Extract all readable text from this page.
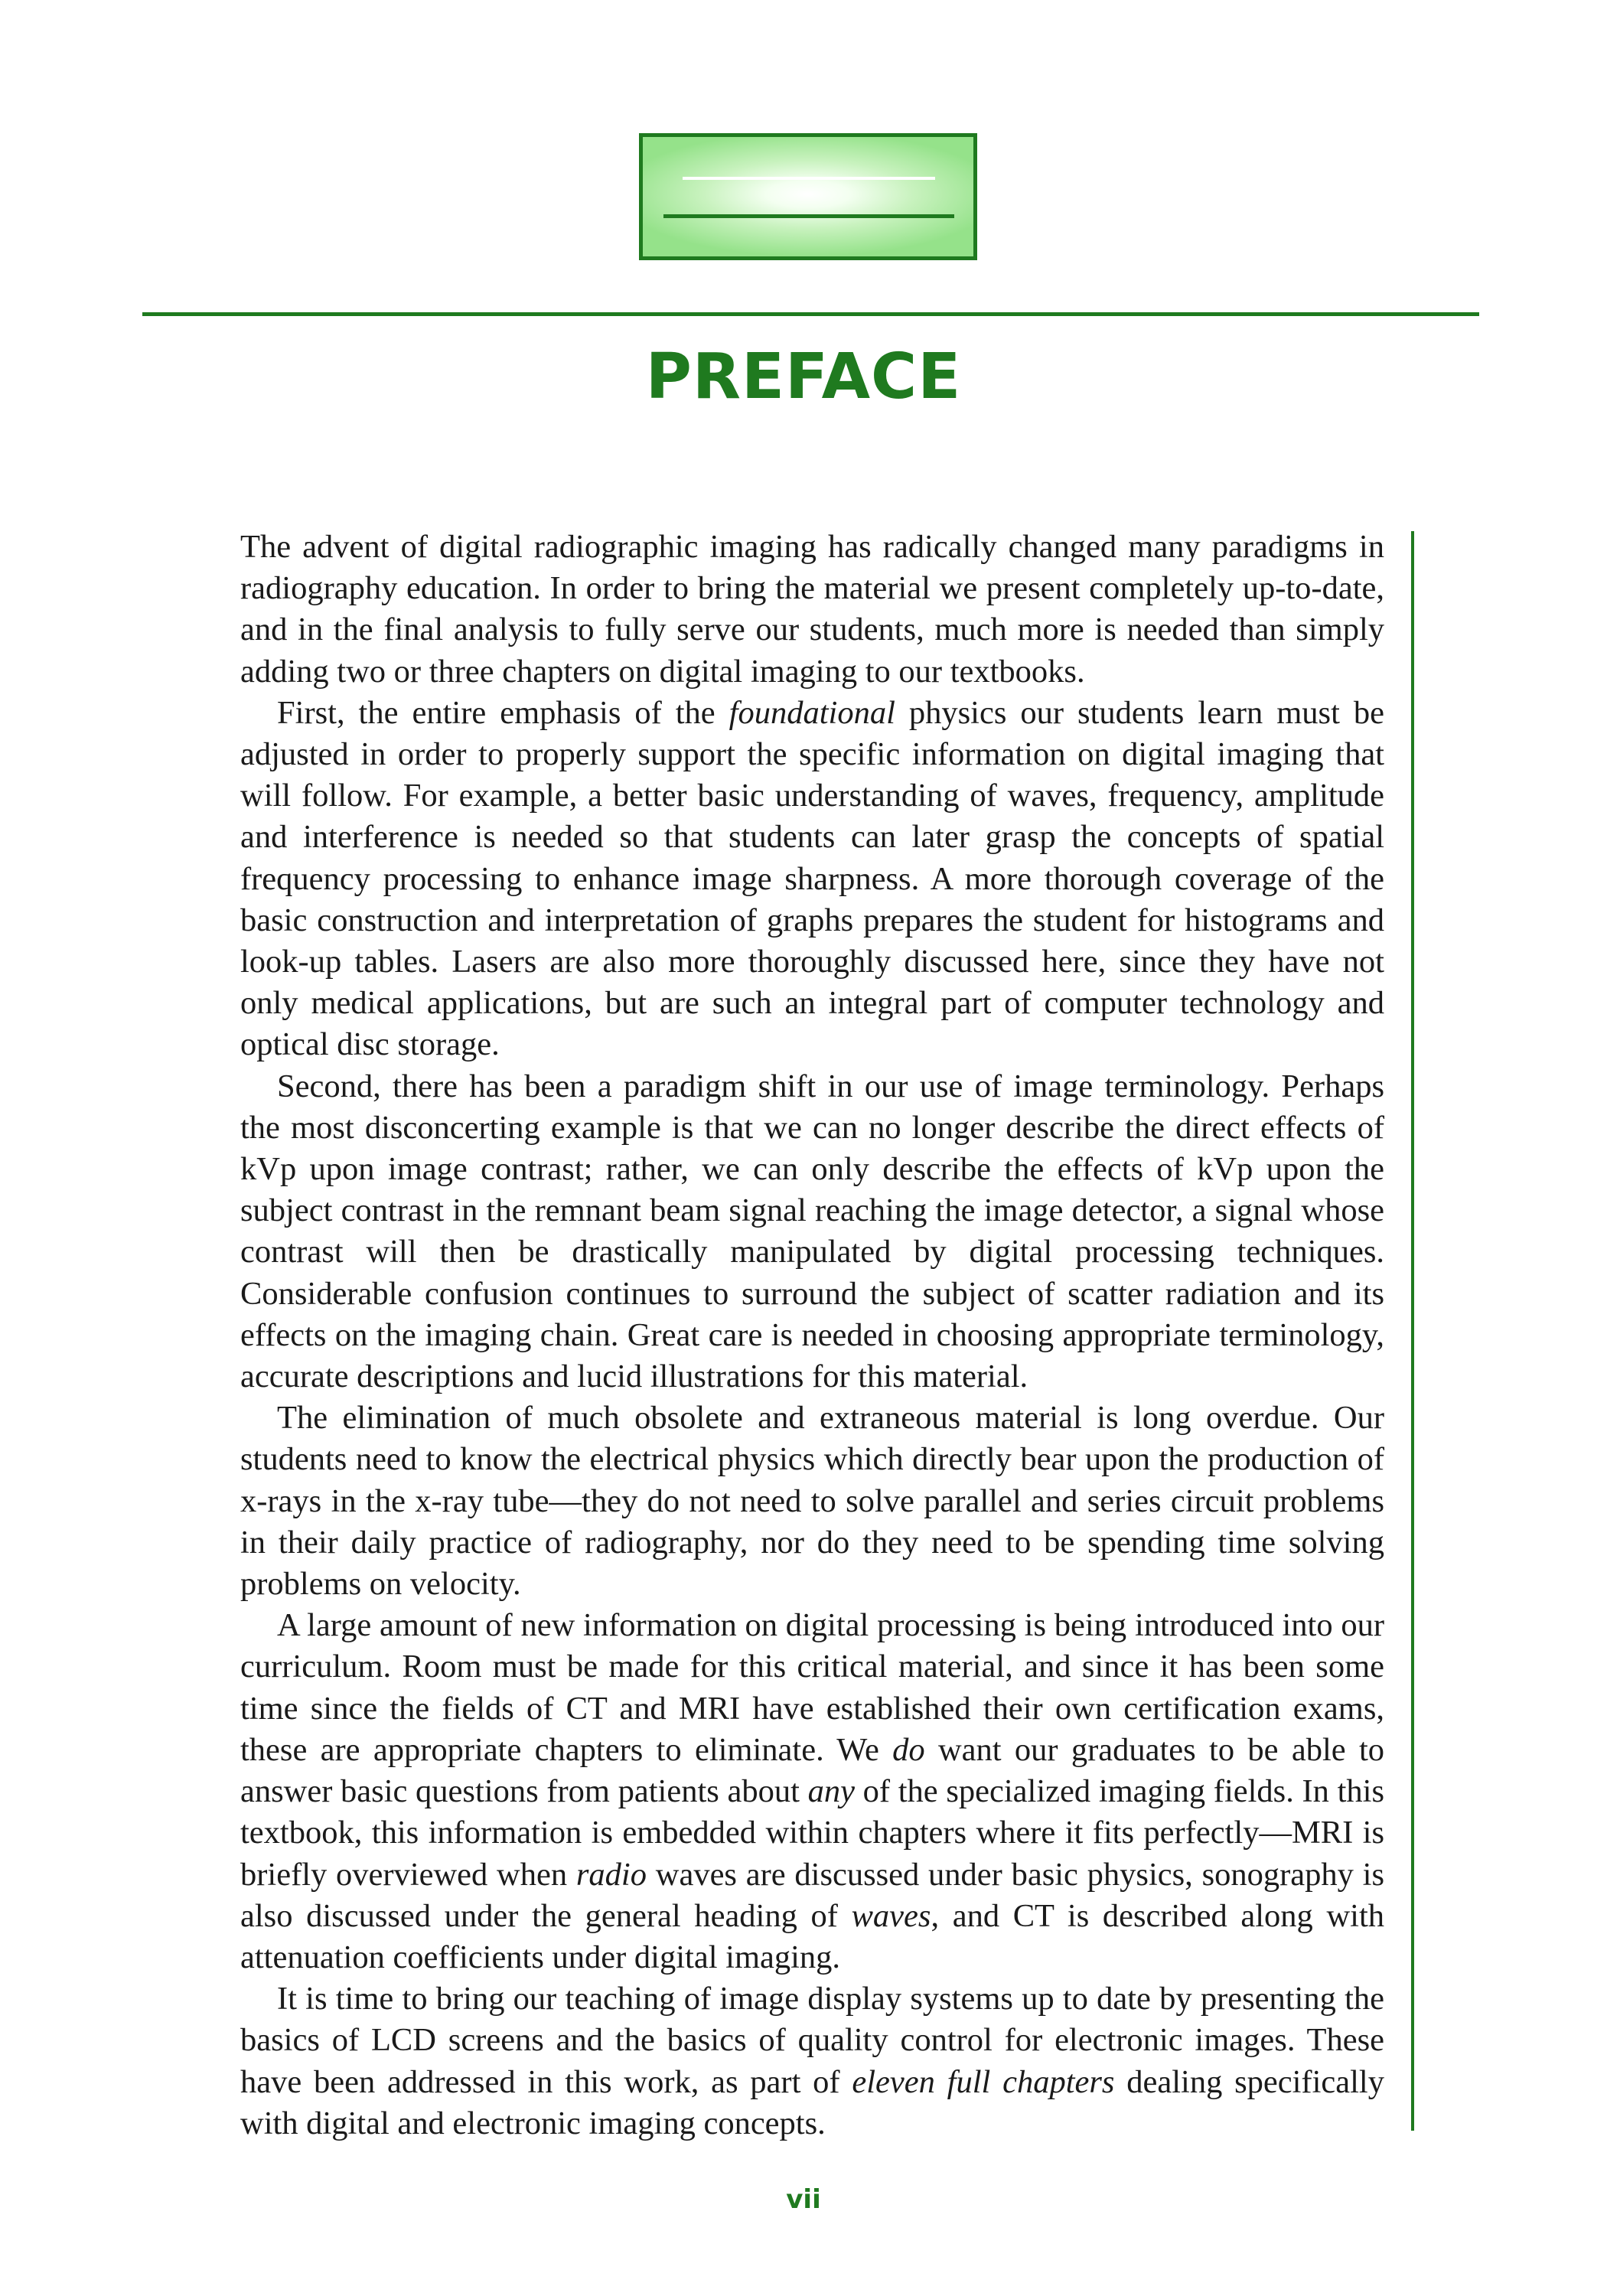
PREFACE

The advent of digital radiographic imaging has radically changed many paradigms in radiography education. In order to bring the material we present completely up-to-date, and in the final analysis to fully serve our students, much more is needed than simply adding two or three chapters on digital imaging to our textbooks.

First, the entire emphasis of the foundational physics our students learn must be adjusted in order to properly support the specific information on digital imaging that will follow. For example, a better basic understanding of waves, frequency, amplitude and interference is needed so that students can later grasp the concepts of spatial frequency processing to enhance image sharpness. A more thorough coverage of the basic construction and interpretation of graphs prepares the student for histograms and look-up tables. Lasers are also more thoroughly discussed here, since they have not only medical applications, but are such an integral part of computer technology and optical disc storage.

Second, there has been a paradigm shift in our use of image terminology. Perhaps the most disconcerting example is that we can no longer describe the direct effects of kVp upon image contrast; rather, we can only describe the effects of kVp upon the subject contrast in the remnant beam signal reaching the image detector, a signal whose contrast will then be drastically manipulated by digital processing techniques. Considerable confusion continues to surround the subject of scatter radiation and its effects on the imaging chain. Great care is needed in choosing appropriate terminology, accurate descriptions and lucid illustrations for this material.

The elimination of much obsolete and extraneous material is long overdue. Our students need to know the electrical physics which directly bear upon the production of x-rays in the x-ray tube—they do not need to solve parallel and series circuit problems in their daily practice of radiography, nor do they need to be spending time solving problems on velocity.

A large amount of new information on digital processing is being introduced into our curriculum. Room must be made for this critical material, and since it has been some time since the fields of CT and MRI have established their own certification exams, these are appropriate chapters to eliminate. We do want our graduates to be able to answer basic questions from patients about any of the specialized imaging fields. In this textbook, this information is embedded within chapters where it fits perfectly—MRI is briefly overviewed when radio waves are discussed under basic physics, sonography is also discussed under the general heading of waves, and CT is described along with attenuation coefficients under digital imaging.

It is time to bring our teaching of image display systems up to date by presenting the basics of LCD screens and the basics of quality control for electronic images. These have been addressed in this work, as part of eleven full chapters dealing specifically with digital and electronic imaging concepts.

vii
